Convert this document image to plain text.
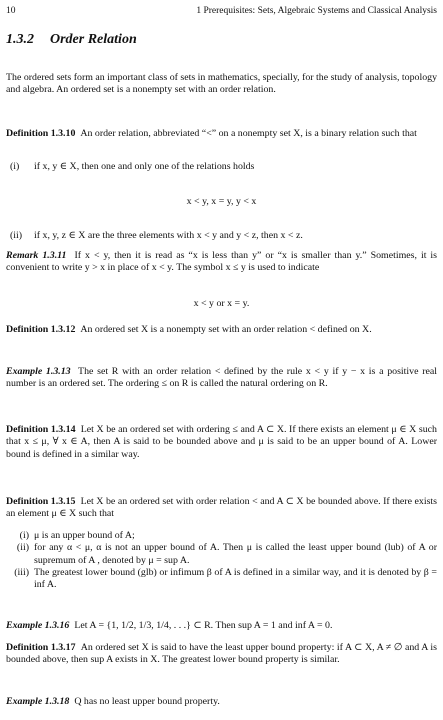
10	1 Prerequisites: Sets, Algebraic Systems and Classical Analysis
1.3.2 Order Relation
The ordered sets form an important class of sets in mathematics, specially, for the study of analysis, topology and algebra. An ordered set is a nonempty set with an order relation.
Definition 1.3.10 An order relation, abbreviated “<” on a nonempty set X, is a binary relation such that
(i)	if x, y ∈ X, then one and only one of the relations holds
x < y, x = y, y < x
(ii)	if x, y, z ∈ X are the three elements with x < y and y < z, then x < z.
Remark 1.3.11 If x < y, then it is read as “x is less than y” or “x is smaller than y.” Sometimes, it is convenient to write y > x in place of x < y. The symbol x ≤ y is used to indicate
x < y or x = y.
Definition 1.3.12 An ordered set X is a nonempty set with an order relation < defined on X.
Example 1.3.13 The set R with an order relation < defined by the rule x < y if y − x is a positive real number is an ordered set. The ordering ≤ on R is called the natural ordering on R.
Definition 1.3.14 Let X be an ordered set with ordering ≤ and A ⊂ X. If there exists an element μ ∈ X such that x ≤ μ, ∀ x ∈ A, then A is said to be bounded above and μ is said to be an upper bound of A. Lower bound is defined in a similar way.
Definition 1.3.15 Let X be an ordered set with order relation < and A ⊂ X be bounded above. If there exists an element μ ∈ X such that
(i) μ is an upper bound of A;
(ii) for any α < μ, α is not an upper bound of A. Then μ is called the least upper bound (lub) of A or supremum of A , denoted by μ = sup A.
(iii) The greatest lower bound (glb) or infimum β of A is defined in a similar way, and it is denoted by β = inf A.
Example 1.3.16 Let A = {1, 1/2, 1/3, 1/4, . . .} ⊂ R. Then sup A = 1 and inf A = 0.
Definition 1.3.17 An ordered set X is said to have the least upper bound property: if A ⊂ X, A ≠ ∅ and A is bounded above, then sup A exists in X. The greatest lower bound property is similar.
Example 1.3.18 Q has no least upper bound property.
